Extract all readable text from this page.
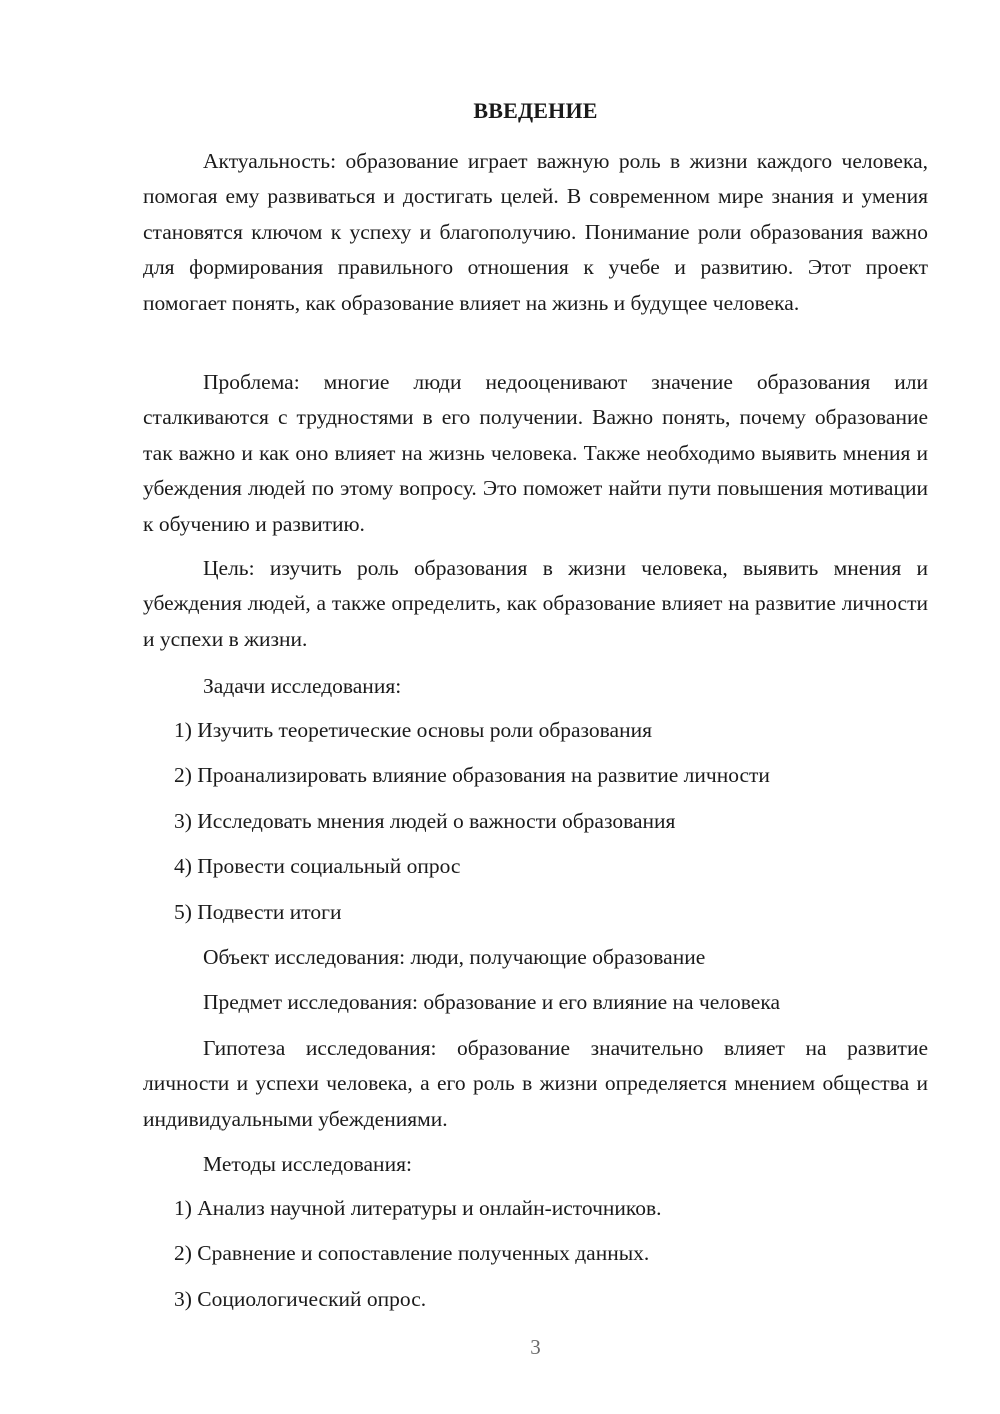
ВВЕДЕНИЕ

Актуальность: образование играет важную роль в жизни каждого человека, помогая ему развиваться и достигать целей. В современном мире знания и умения становятся ключом к успеху и благополучию. Понимание роли образования важно для формирования правильного отношения к учебе и развитию. Этот проект помогает понять, как образование влияет на жизнь и будущее человека.

Проблема: многие люди недооценивают значение образования или сталкиваются с трудностями в его получении. Важно понять, почему образование так важно и как оно влияет на жизнь человека. Также необходимо выявить мнения и убеждения людей по этому вопросу. Это поможет найти пути повышения мотивации к обучению и развитию.

Цель: изучить роль образования в жизни человека, выявить мнения и убеждения людей, а также определить, как образование влияет на развитие личности и успехи в жизни.

Задачи исследования:

1) Изучить теоретические основы роли образования

2) Проанализировать влияние образования на развитие личности

3) Исследовать мнения людей о важности образования

4) Провести социальный опрос

5) Подвести итоги

Объект исследования: люди, получающие образование

Предмет исследования: образование и его влияние на человека

Гипотеза исследования: образование значительно влияет на развитие личности и успехи человека, а его роль в жизни определяется мнением общества и индивидуальными убеждениями.

Методы исследования:

1) Анализ научной литературы и онлайн-источников.

2) Сравнение и сопоставление полученных данных.

3) Социологический опрос.

3
